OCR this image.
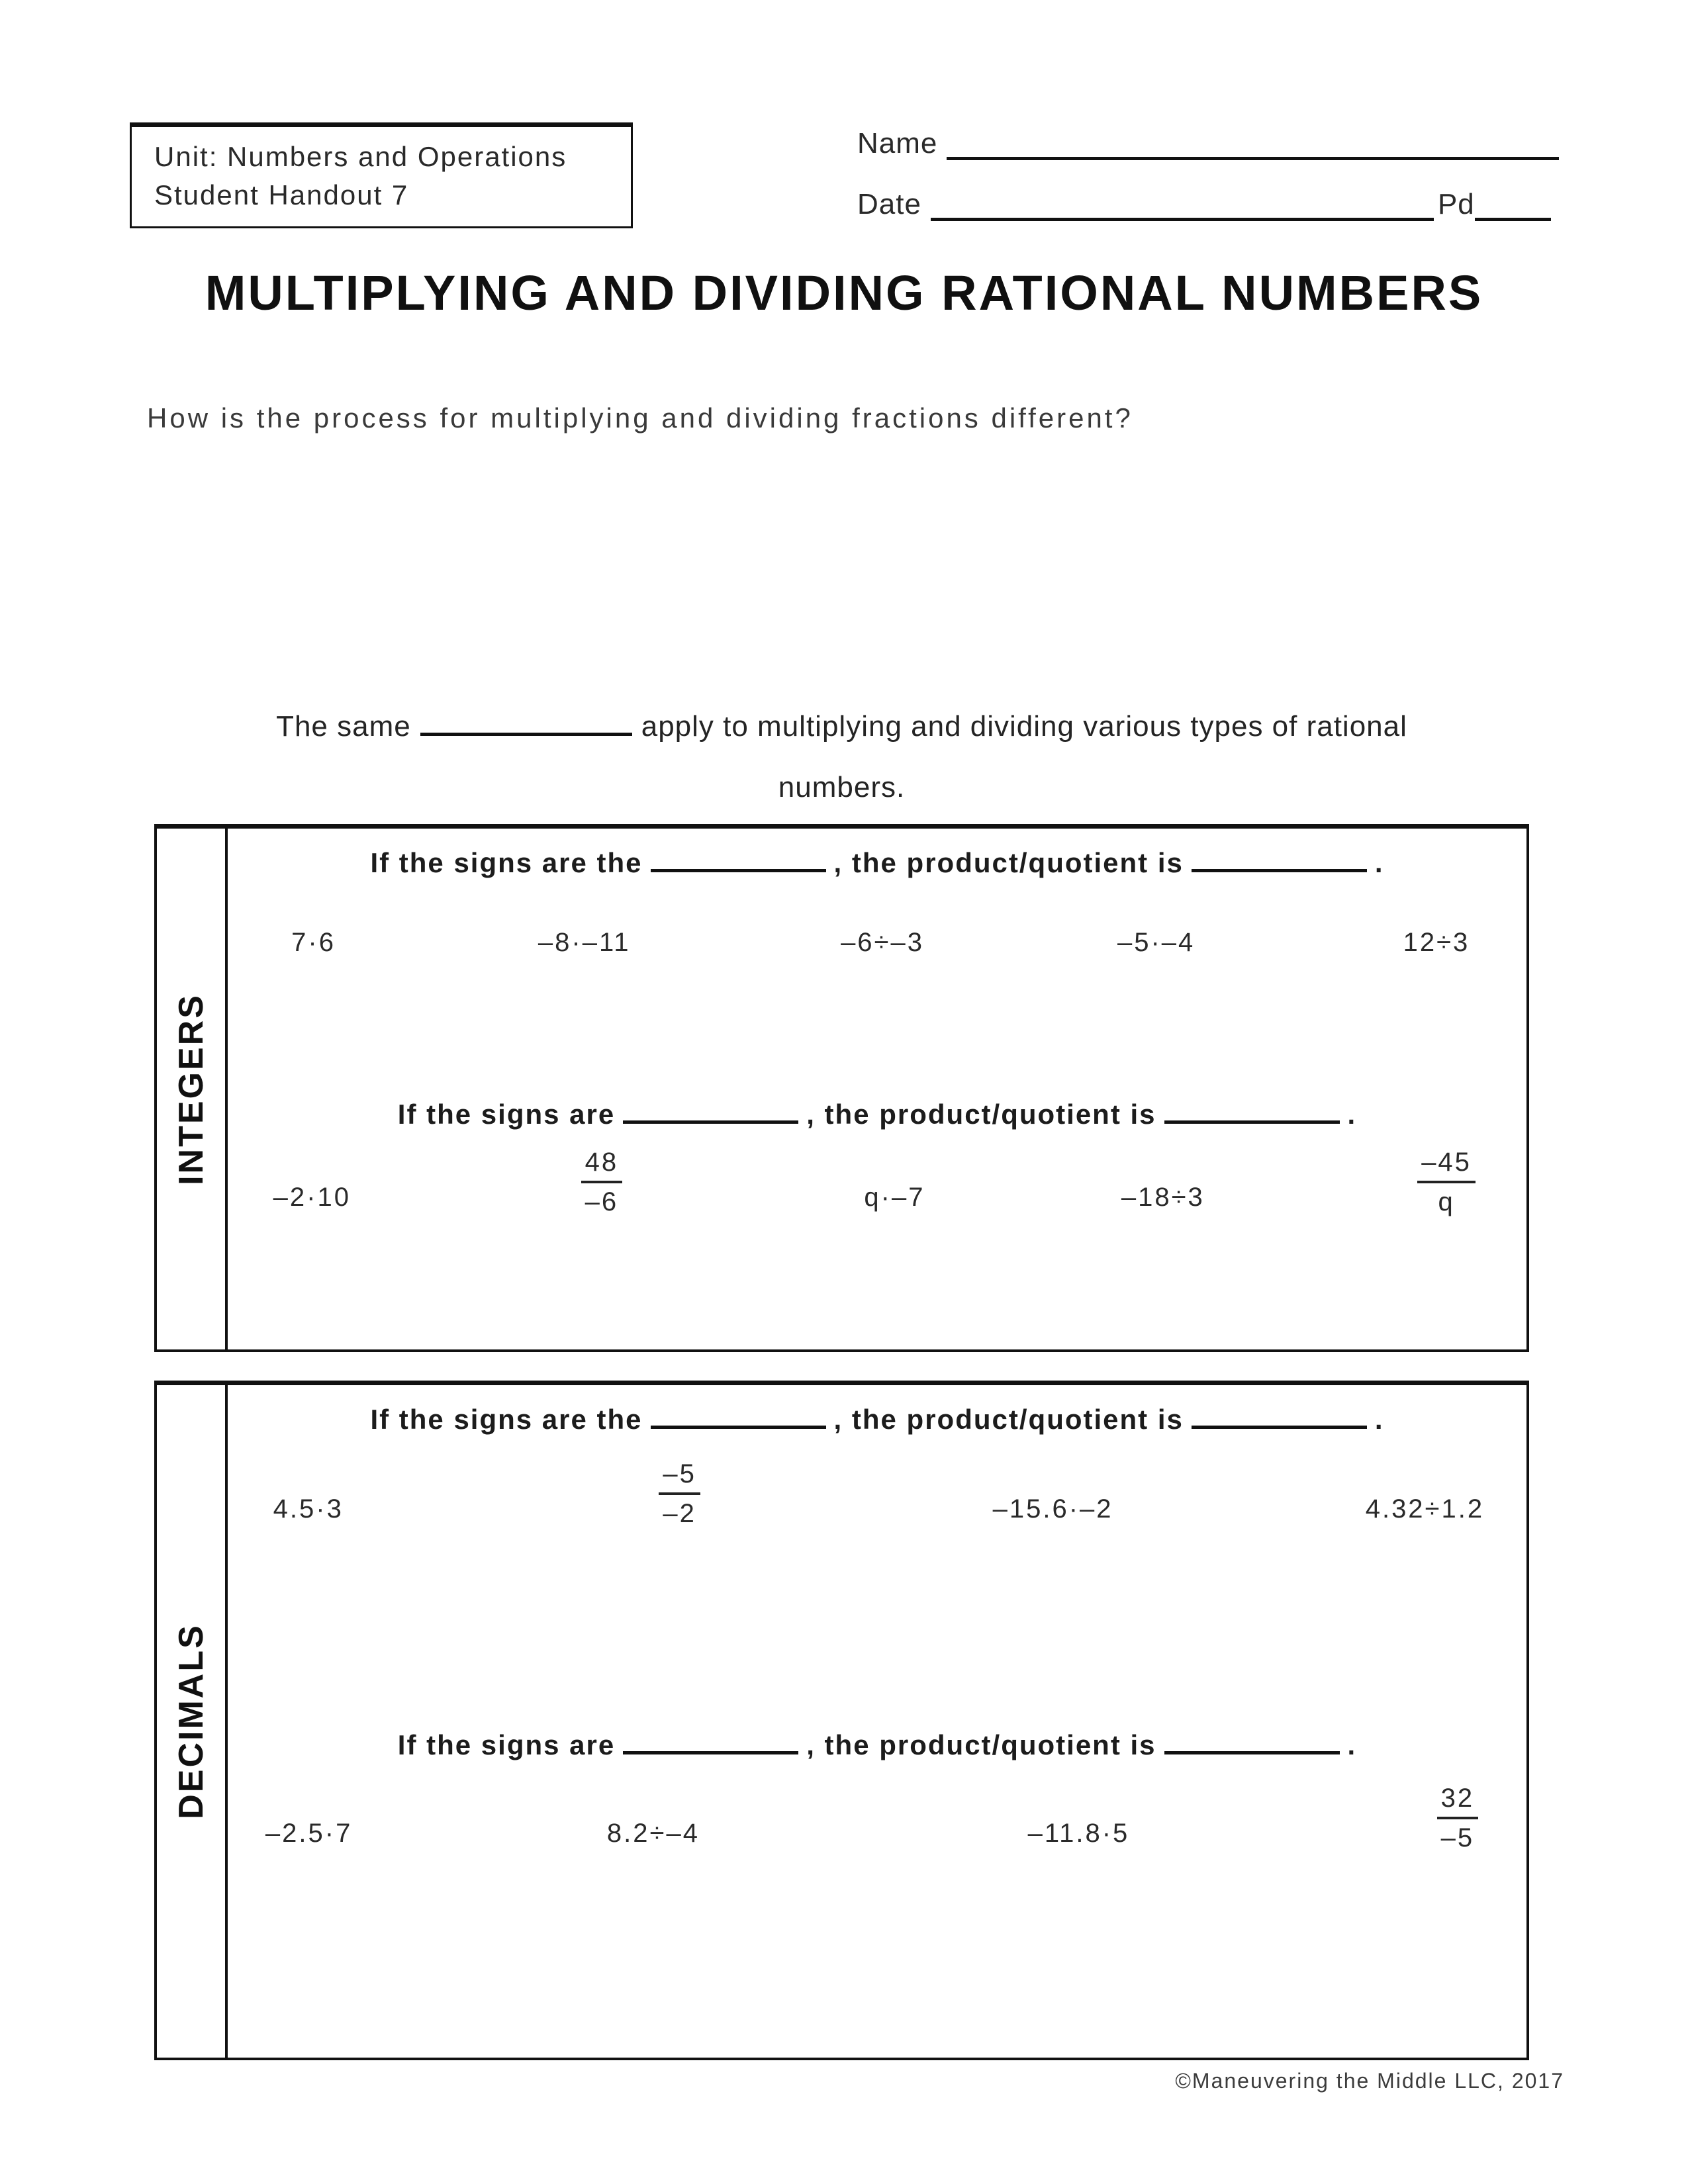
Unit: Numbers and Operations
Student Handout 7
Name
Date	Pd
MULTIPLYING AND DIVIDING RATIONAL NUMBERS
How is the process for multiplying and dividing fractions different?
The same	apply to multiplying and dividing various types of rational
numbers.
INTEGERS
If the signs are the	, the product/quotient is	.
7·6	–8·–11	–6÷–3	–5·–4	12÷3
If the signs are	, the product/quotient is	.
–2·10	$\frac{48}{-6}$	q·–7	–18÷3	$\frac{-45}{q}$
DECIMALS
If the signs are the	, the product/quotient is	.
4.5·3	$\frac{-5}{-2}$	–15.6·–2	4.32÷1.2
If the signs are	, the product/quotient is	.
–2.5·7	8.2÷–4	–11.8·5	$\frac{32}{-5}$
©Maneuvering the Middle LLC, 2017
